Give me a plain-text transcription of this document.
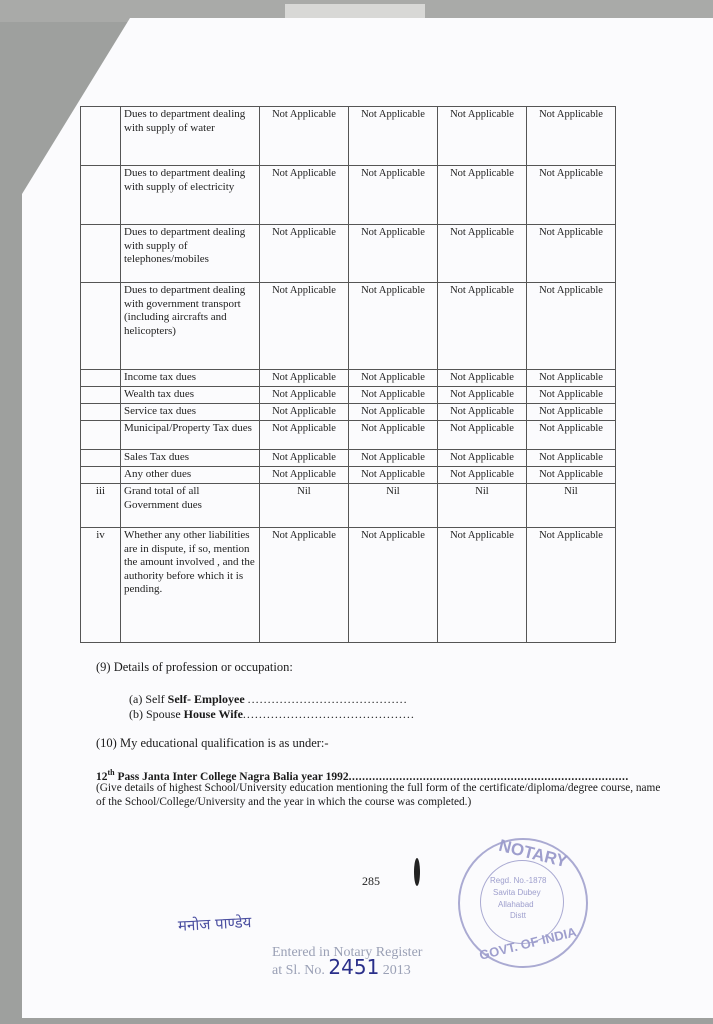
	Dues to department dealing with supply of water	Not Applicable	Not Applicable	Not Applicable	Not Applicable
	Dues to department dealing with supply of electricity	Not Applicable	Not Applicable	Not Applicable	Not Applicable
	Dues to department dealing with supply of telephones/mobiles	Not Applicable	Not Applicable	Not Applicable	Not Applicable
	Dues to department dealing with government transport (including aircrafts and helicopters)	Not Applicable	Not Applicable	Not Applicable	Not Applicable
	Income tax dues	Not Applicable	Not Applicable	Not Applicable	Not Applicable
	Wealth tax dues	Not Applicable	Not Applicable	Not Applicable	Not Applicable
	Service tax dues	Not Applicable	Not Applicable	Not Applicable	Not Applicable
	Municipal/Property Tax dues	Not Applicable	Not Applicable	Not Applicable	Not Applicable
	Sales Tax dues	Not Applicable	Not Applicable	Not Applicable	Not Applicable
	Any other dues	Not Applicable	Not Applicable	Not Applicable	Not Applicable
iii	Grand total of all Government dues	Nil	Nil	Nil	Nil
iv	Whether any other liabilities are in dispute, if so, mention the amount involved , and the authority before which it is pending.	Not Applicable	Not Applicable	Not Applicable	Not Applicable
(9) Details of profession or occupation:
(a) Self Self- Employee ........................................
(b) Spouse House Wife...........................................
(10) My educational qualification is as under:-
12th Pass Janta Inter College Nagra Balia year 1992...................................................................................
(Give details of highest School/University education mentioning the full form of the certificate/diploma/degree course, name of the School/College/University and the year in which the course was completed.)
285
NOTARY
GOVT. OF INDIA
Regd. No.-1878
Savita Dubey
Allahabad
Distt
मनोज पाण्डेय
Entered in Notary Register
at Sl. No. 2451 2013
